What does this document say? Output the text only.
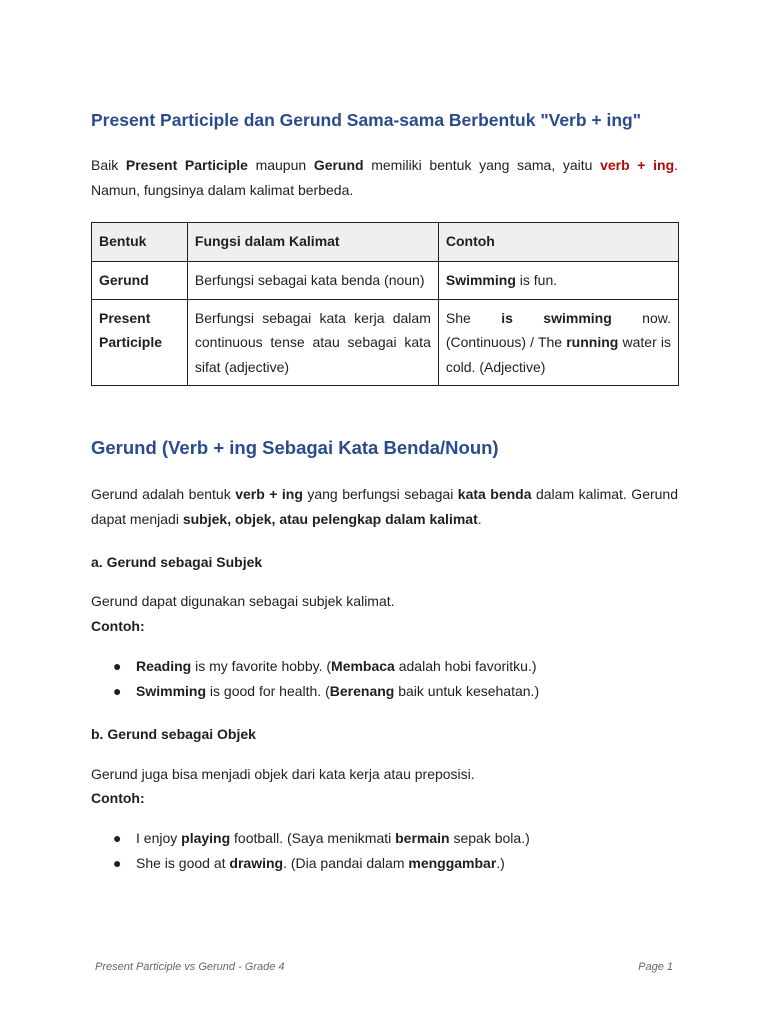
Present Participle dan Gerund Sama-sama Berbentuk "Verb + ing"

Baik Present Participle maupun Gerund memiliki bentuk yang sama, yaitu verb + ing. Namun, fungsinya dalam kalimat berbeda.

Bentuk	Fungsi dalam Kalimat	Contoh
Gerund	Berfungsi sebagai kata benda (noun)	Swimming is fun.
Present Participle	Berfungsi sebagai kata kerja dalam continuous tense atau sebagai kata sifat (adjective)	She is swimming now. (Continuous) / The running water is cold. (Adjective)
Gerund (Verb + ing Sebagai Kata Benda/Noun)

Gerund adalah bentuk verb + ing yang berfungsi sebagai kata benda dalam kalimat. Gerund dapat menjadi subjek, objek, atau pelengkap dalam kalimat.

a. Gerund sebagai Subjek

Gerund dapat digunakan sebagai subjek kalimat.

Contoh:
● Reading is my favorite hobby. (Membaca adalah hobi favoritku.)
● Swimming is good for health. (Berenang baik untuk kesehatan.)
b. Gerund sebagai Objek

Gerund juga bisa menjadi objek dari kata kerja atau preposisi.

Contoh:
● I enjoy playing football. (Saya menikmati bermain sepak bola.)
● She is good at drawing. (Dia pandai dalam menggambar.)
Present Participle vs Gerund - Grade 4	Page 1
